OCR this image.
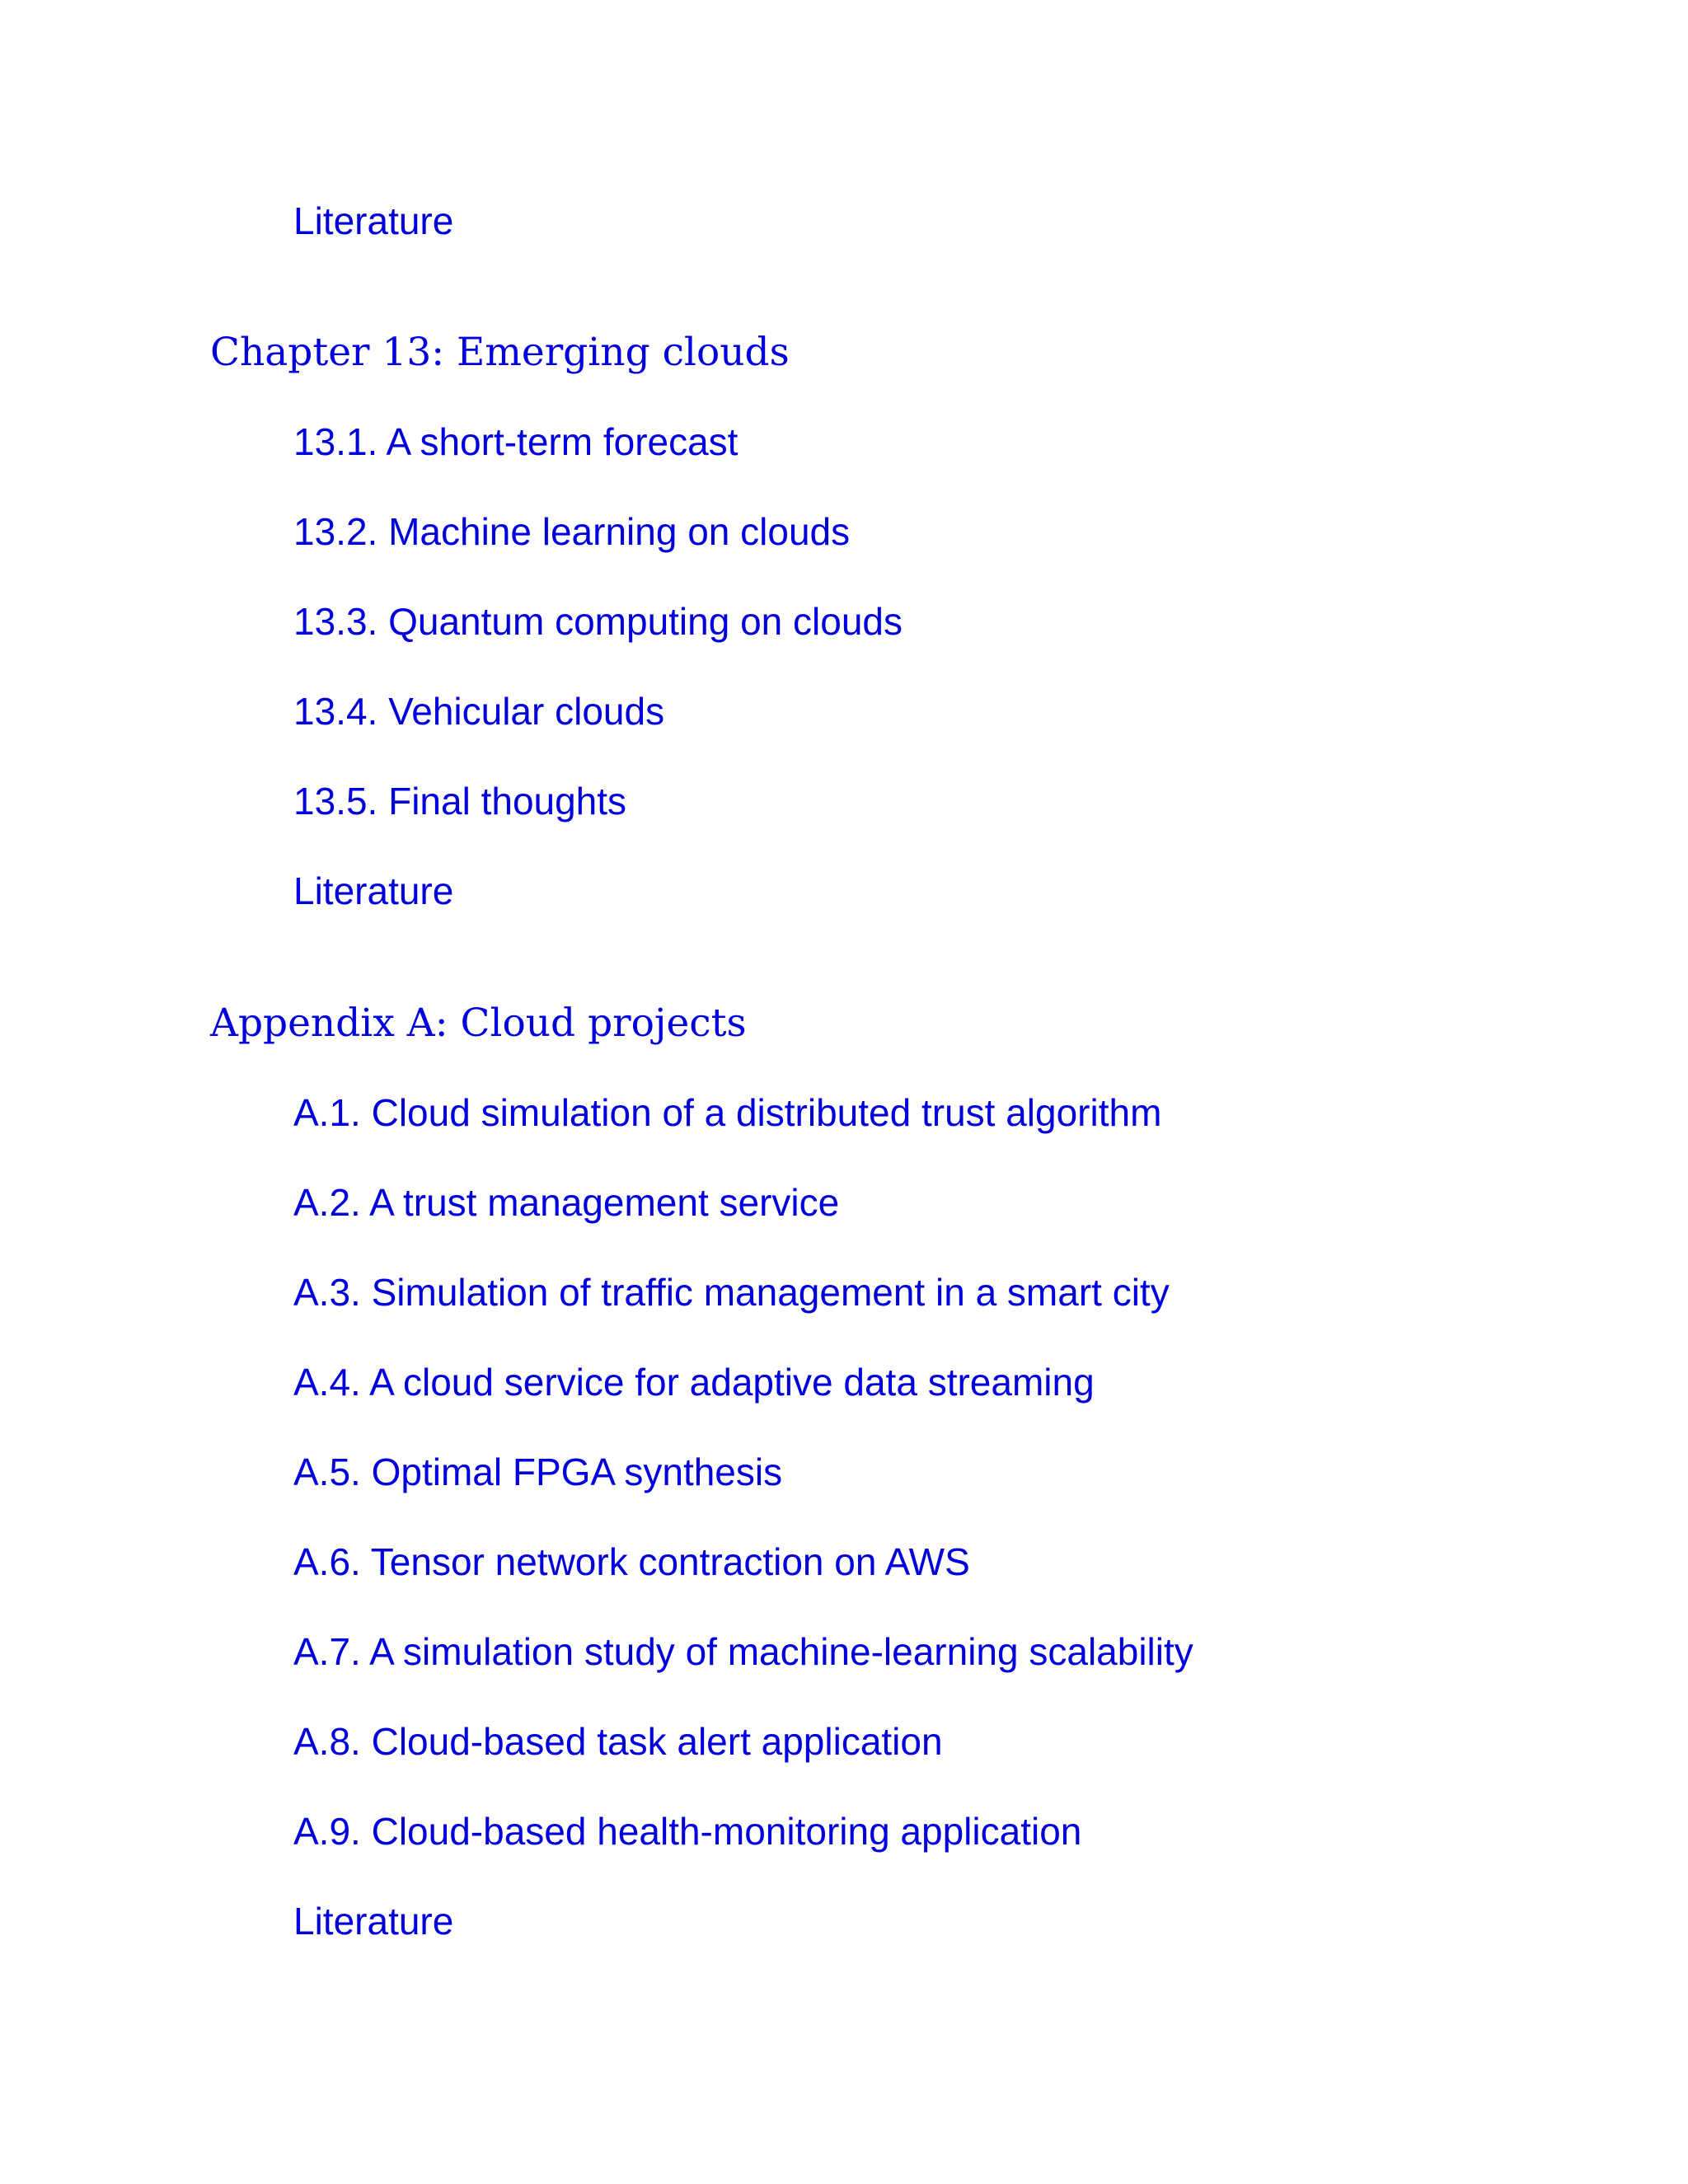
Literature
Chapter 13: Emerging clouds
13.1. A short-term forecast
13.2. Machine learning on clouds
13.3. Quantum computing on clouds
13.4. Vehicular clouds
13.5. Final thoughts
Literature
Appendix A: Cloud projects
A.1. Cloud simulation of a distributed trust algorithm
A.2. A trust management service
A.3. Simulation of traffic management in a smart city
A.4. A cloud service for adaptive data streaming
A.5. Optimal FPGA synthesis
A.6. Tensor network contraction on AWS
A.7. A simulation study of machine-learning scalability
A.8. Cloud-based task alert application
A.9. Cloud-based health-monitoring application
Literature
